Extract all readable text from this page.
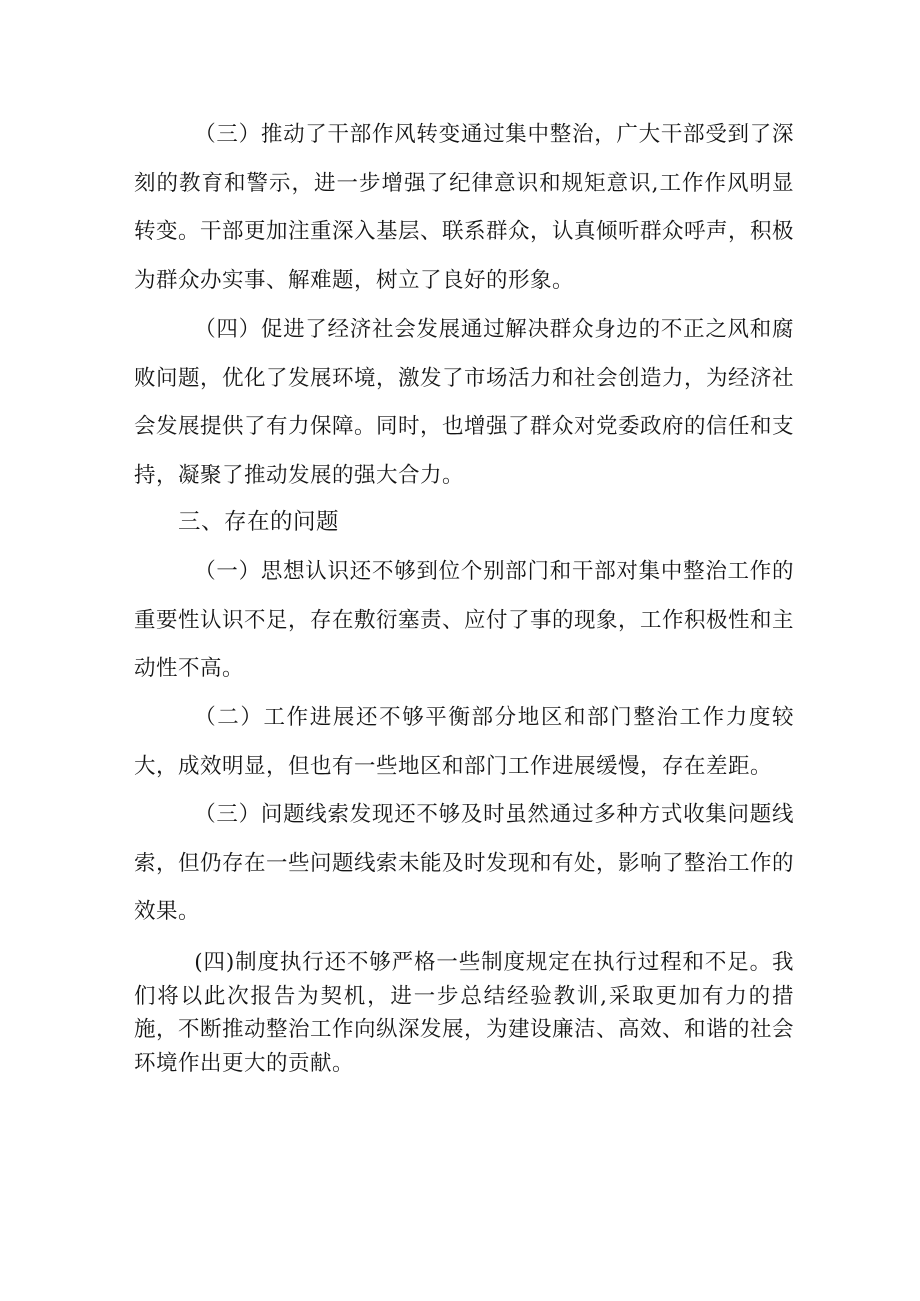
（三）推动了干部作风转变通过集中整治，广大干部受到了深刻的教育和警示，进一步增强了纪律意识和规矩意识,工作作风明显转变。干部更加注重深入基层、联系群众，认真倾听群众呼声，积极为群众办实事、解难题，树立了良好的形象。

（四）促进了经济社会发展通过解决群众身边的不正之风和腐败问题，优化了发展环境，激发了市场活力和社会创造力，为经济社会发展提供了有力保障。同时，也增强了群众对党委政府的信任和支持，凝聚了推动发展的强大合力。

三、存在的问题

（一）思想认识还不够到位个别部门和干部对集中整治工作的重要性认识不足，存在敷衍塞责、应付了事的现象，工作积极性和主动性不高。

（二）工作进展还不够平衡部分地区和部门整治工作力度较大，成效明显，但也有一些地区和部门工作进展缓慢，存在差距。

（三）问题线索发现还不够及时虽然通过多种方式收集问题线索，但仍存在一些问题线索未能及时发现和有处，影响了整治工作的效果。

(四)制度执行还不够严格一些制度规定在执行过程和不足。我们将以此次报告为契机，进一步总结经验教训,采取更加有力的措施，不断推动整治工作向纵深发展，为建设廉洁、高效、和谐的社会环境作出更大的贡献。
